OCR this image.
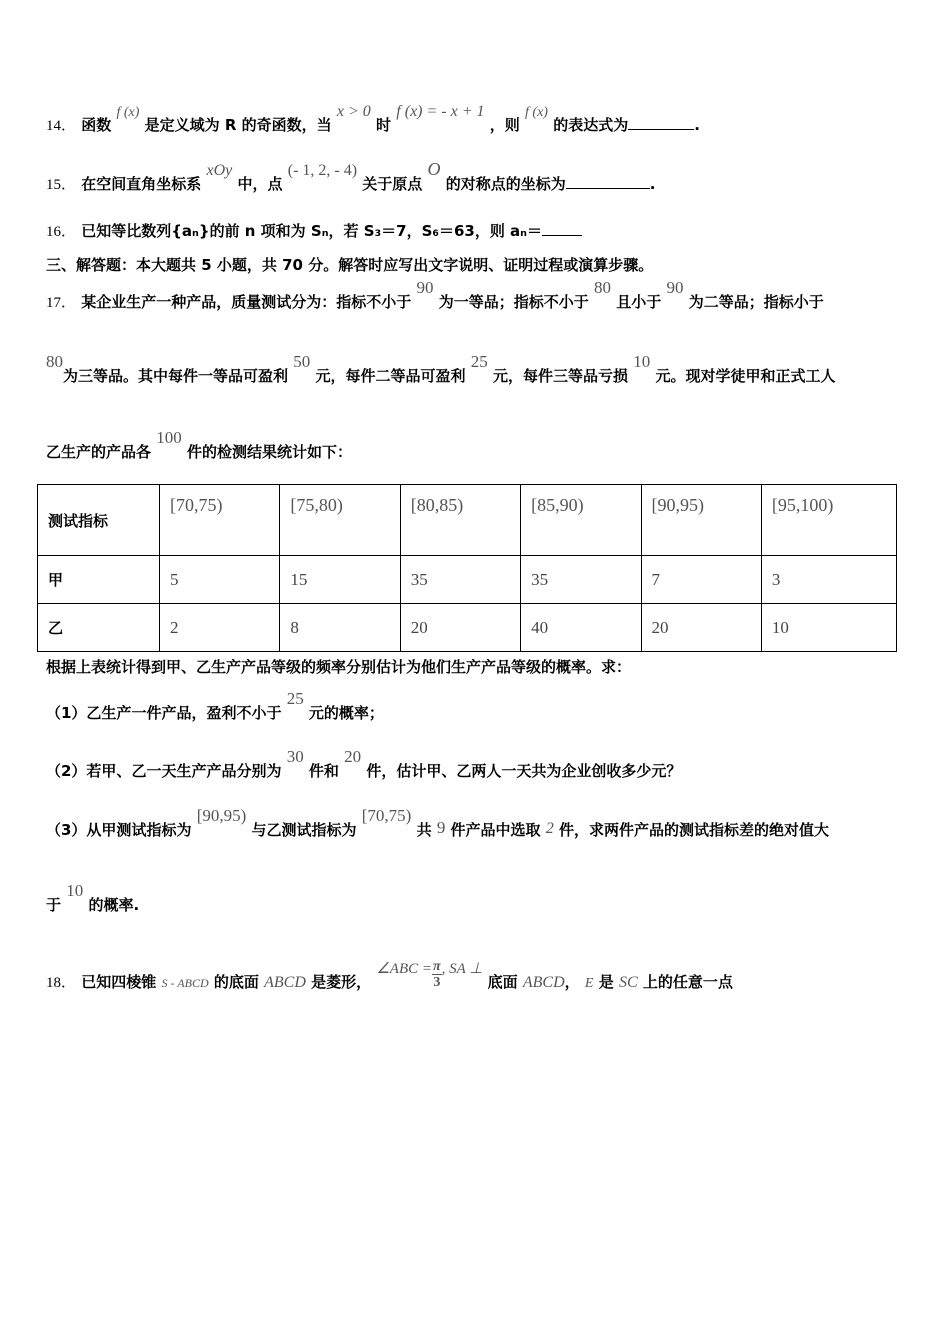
14． 函数 f (x) 是定义域为 R 的奇函数，当 x > 0 时 f (x) = - x + 1 ，则 f (x) 的表达式为	.
15． 在空间直角坐标系 xOy 中，点 (- 1, 2, - 4) 关于原点 O 的对称点的坐标为	.
16． 已知等比数列{aₙ}的前 n 项和为 Sₙ，若 S₃＝7，S₆＝63，则 aₙ＝
三、解答题：本大题共 5 小题，共 70 分。解答时应写出文字说明、证明过程或演算步骤。
17． 某企业生产一种产品，质量测试分为：指标不小于 90 为一等品；指标不小于 80 且小于 90 为二等品；指标小于
80为三等品。其中每件一等品可盈利 50 元，每件二等品可盈利 25 元，每件三等品亏损 10 元。现对学徒甲和正式工人
乙生产的产品各 100 件的检测结果统计如下：
测试指标	[70,75)	[75,80)	[80,85)	[85,90)	[90,95)	[95,100)
甲	5	15	35	35	7	3
乙	2	8	20	40	20	10
根据上表统计得到甲、乙生产产品等级的频率分别估计为他们生产产品等级的概率。求：
（1）乙生产一件产品，盈利不小于 25 元的概率；
（2）若甲、乙一天生产产品分别为 30 件和 20 件，估计甲、乙两人一天共为企业创收多少元？
（3）从甲测试指标为 [90,95) 与乙测试指标为 [70,75) 共 9 件产品中选取 2 件，求两件产品的测试指标差的绝对值大
于 10 的概率.
18． 已知四棱锥 S - ABCD 的底面 ABCD 是菱形， ∠ABC = $\frac{\pi}{3}$ , SA ⊥ 底面 ABCD， E 是 SC 上的任意一点
